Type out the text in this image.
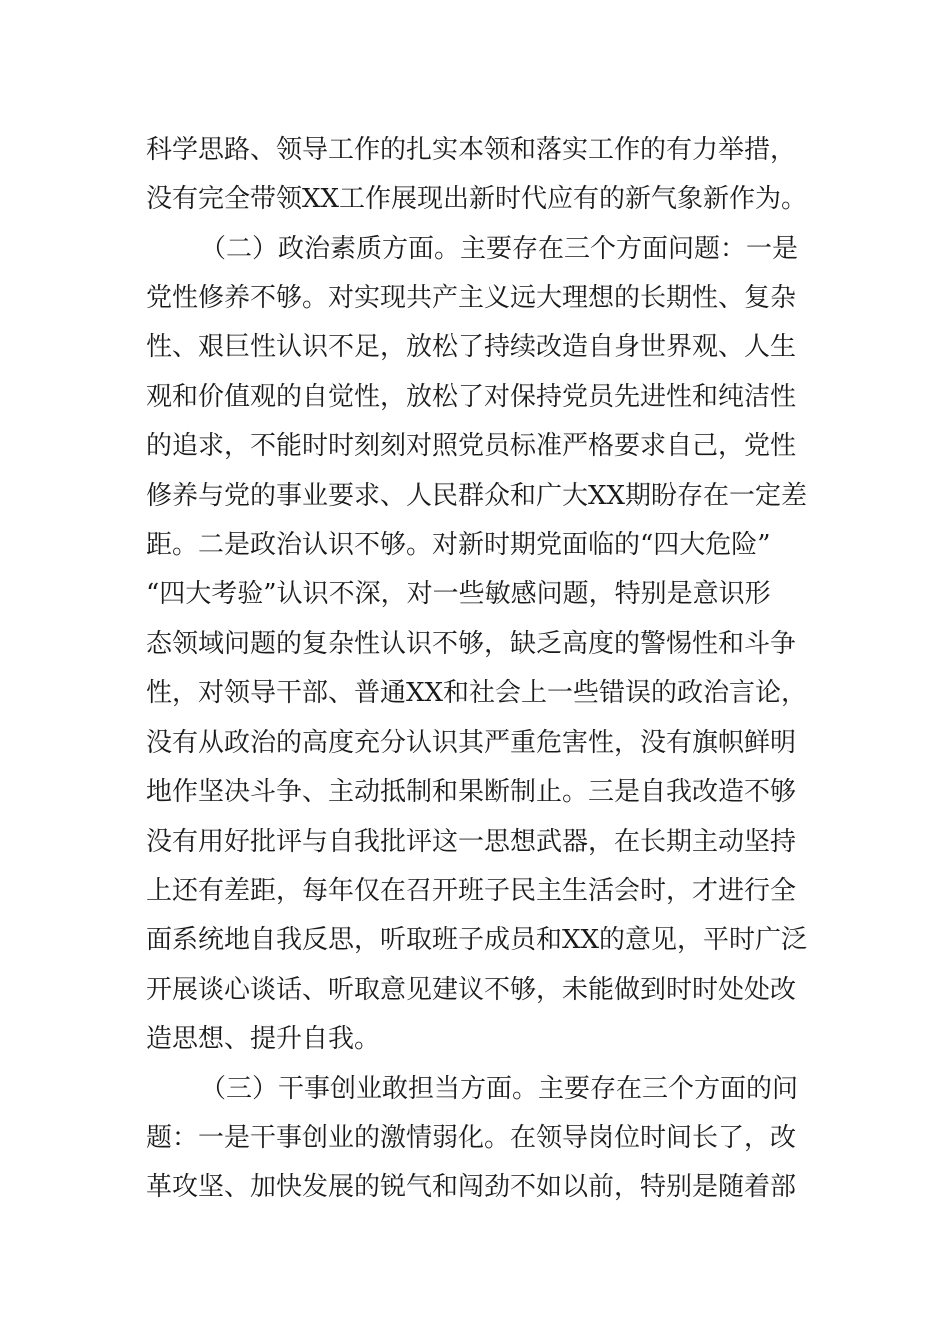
科学思路、领导工作的扎实本领和落实工作的有力举措，
没有完全带领XX工作展现出新时代应有的新气象新作为。
（二）政治素质方面。主要存在三个方面问题：一是
党性修养不够。对实现共产主义远大理想的长期性、复杂
性、艰巨性认识不足，放松了持续改造自身世界观、人生
观和价值观的自觉性，放松了对保持党员先进性和纯洁性
的追求，不能时时刻刻对照党员标准严格要求自己，党性
修养与党的事业要求、人民群众和广大XX期盼存在一定差
距。二是政治认识不够。对新时期党面临的“四大危险”
“四大考验”认识不深，对一些敏感问题，特别是意识形
态领域问题的复杂性认识不够，缺乏高度的警惕性和斗争
性，对领导干部、普通XX和社会上一些错误的政治言论，
没有从政治的高度充分认识其严重危害性，没有旗帜鲜明
地作坚决斗争、主动抵制和果断制止。三是自我改造不够
没有用好批评与自我批评这一思想武器，在长期主动坚持
上还有差距，每年仅在召开班子民主生活会时，才进行全
面系统地自我反思，听取班子成员和XX的意见，平时广泛
开展谈心谈话、听取意见建议不够，未能做到时时处处改
造思想、提升自我。
（三）干事创业敢担当方面。主要存在三个方面的问
题：一是干事创业的激情弱化。在领导岗位时间长了，改
革攻坚、加快发展的锐气和闯劲不如以前，特别是随着部
